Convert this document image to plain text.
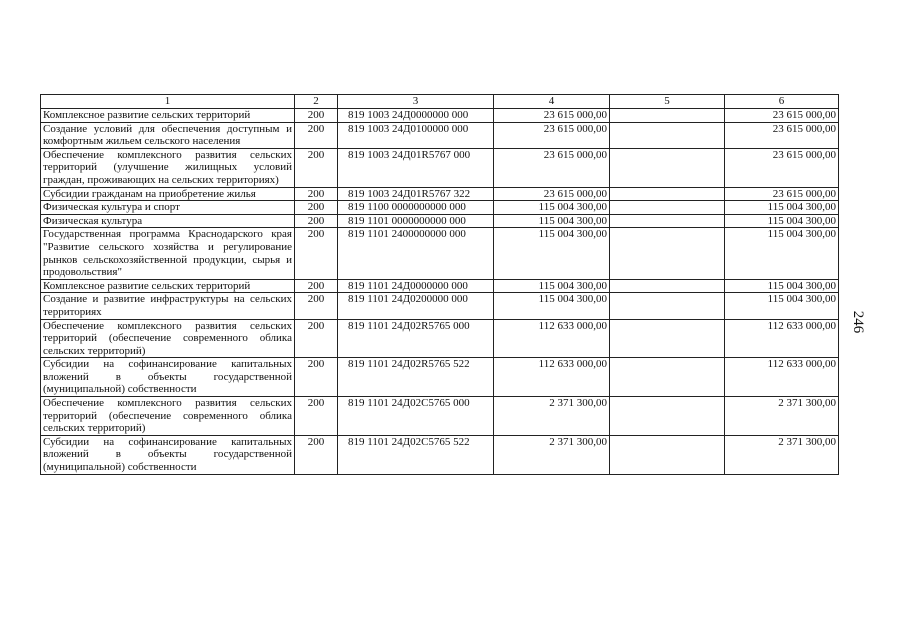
1	2	3	4	5	6
Комплексное развитие сельских территорий	200	819 1003 24Д0000000 000	23 615 000,00		23 615 000,00
Создание условий для обеспечения доступным и комфортным жильем сельского населения	200	819 1003 24Д0100000 000	23 615 000,00		23 615 000,00
Обеспечение комплексного развития сельских территорий (улучшение жилищных условий граждан, проживающих на сельских территориях)	200	819 1003 24Д01R5767 000	23 615 000,00		23 615 000,00
Субсидии гражданам на приобретение жилья	200	819 1003 24Д01R5767 322	23 615 000,00		23 615 000,00
Физическая культура и спорт	200	819 1100 0000000000 000	115 004 300,00		115 004 300,00
Физическая культура	200	819 1101 0000000000 000	115 004 300,00		115 004 300,00
Государственная программа Краснодарского края "Развитие сельского хозяйства и регулирование рынков сельскохозяйственной продукции, сырья и продовольствия"	200	819 1101 2400000000 000	115 004 300,00		115 004 300,00
Комплексное развитие сельских территорий	200	819 1101 24Д0000000 000	115 004 300,00		115 004 300,00
Создание и развитие инфраструктуры на сельских территориях	200	819 1101 24Д0200000 000	115 004 300,00		115 004 300,00
Обеспечение комплексного развития сельских территорий (обеспечение современного облика сельских территорий)	200	819 1101 24Д02R5765 000	112 633 000,00		112 633 000,00
Субсидии на софинансирование капитальных вложений в объекты государственной (муниципальной) собственности	200	819 1101 24Д02R5765 522	112 633 000,00		112 633 000,00
Обеспечение комплексного развития сельских территорий (обеспечение современного облика сельских территорий)	200	819 1101 24Д02С5765 000	2 371 300,00		2 371 300,00
Субсидии на софинансирование капитальных вложений в объекты государственной (муниципальной) собственности	200	819 1101 24Д02С5765 522	2 371 300,00		2 371 300,00
246
